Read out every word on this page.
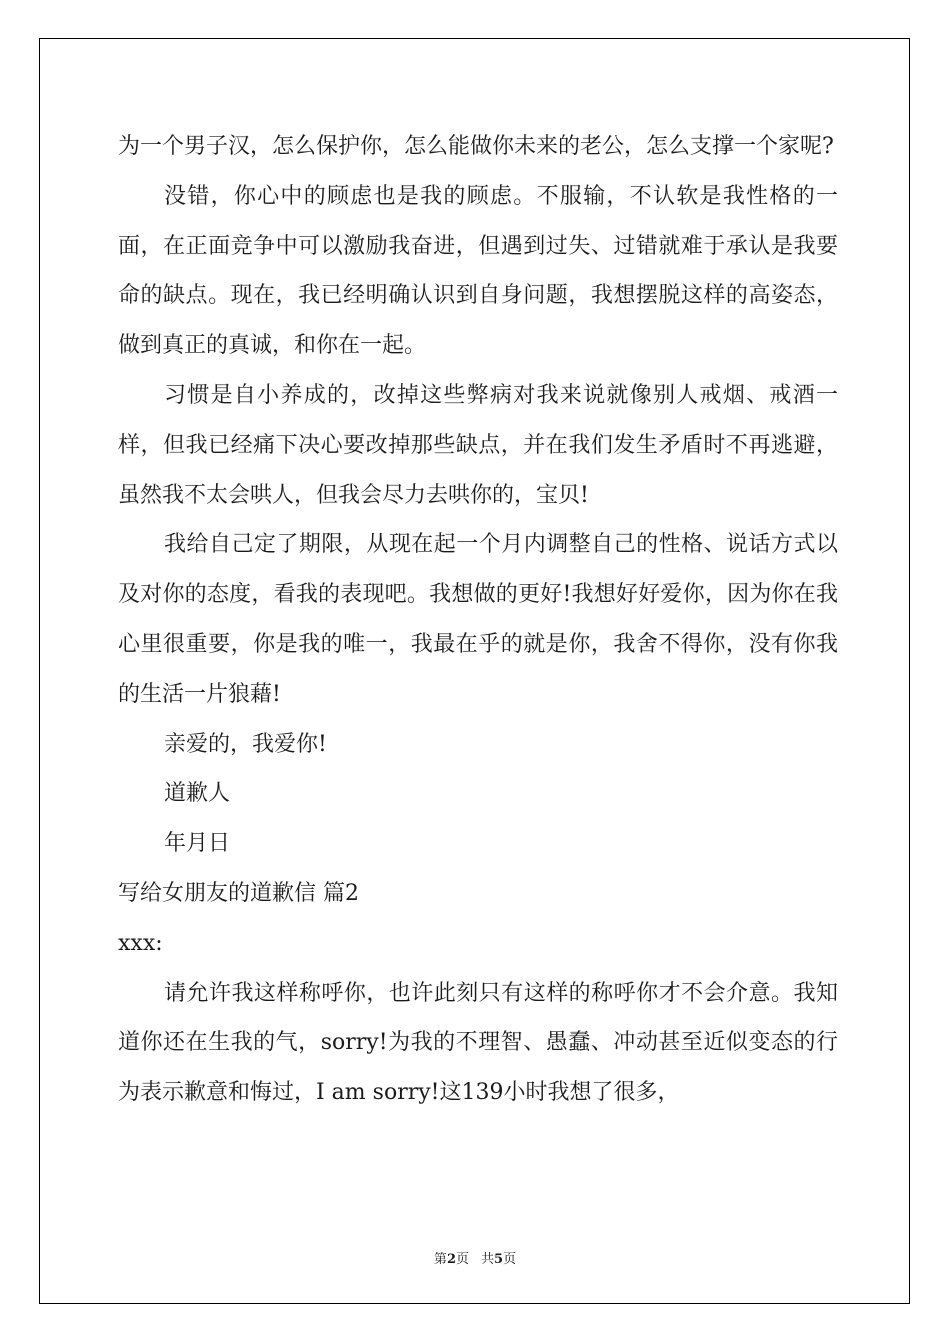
为一个男子汉，怎么保护你，怎么能做你未来的老公，怎么支撑一个家呢?

没错，你心中的顾虑也是我的顾虑。不服输，不认软是我性格的一面，在正面竞争中可以激励我奋进，但遇到过失、过错就难于承认是我要命的缺点。现在，我已经明确认识到自身问题，我想摆脱这样的高姿态，做到真正的真诚，和你在一起。

习惯是自小养成的，改掉这些弊病对我来说就像别人戒烟、戒酒一样，但我已经痛下决心要改掉那些缺点，并在我们发生矛盾时不再逃避，虽然我不太会哄人，但我会尽力去哄你的，宝贝!

我给自己定了期限，从现在起一个月内调整自己的性格、说话方式以及对你的态度，看我的表现吧。我想做的更好!我想好好爱你，因为你在我心里很重要，你是我的唯一，我最在乎的就是你，我舍不得你，没有你我的生活一片狼藉!

亲爱的，我爱你!

道歉人

年月日

写给女朋友的道歉信 篇2

xxx:

请允许我这样称呼你，也许此刻只有这样的称呼你才不会介意。我知道你还在生我的气，sorry!为我的不理智、愚蠢、冲动甚至近似变态的行为表示歉意和悔过，I am sorry!这139小时我想了很多，

第2页 共5页
